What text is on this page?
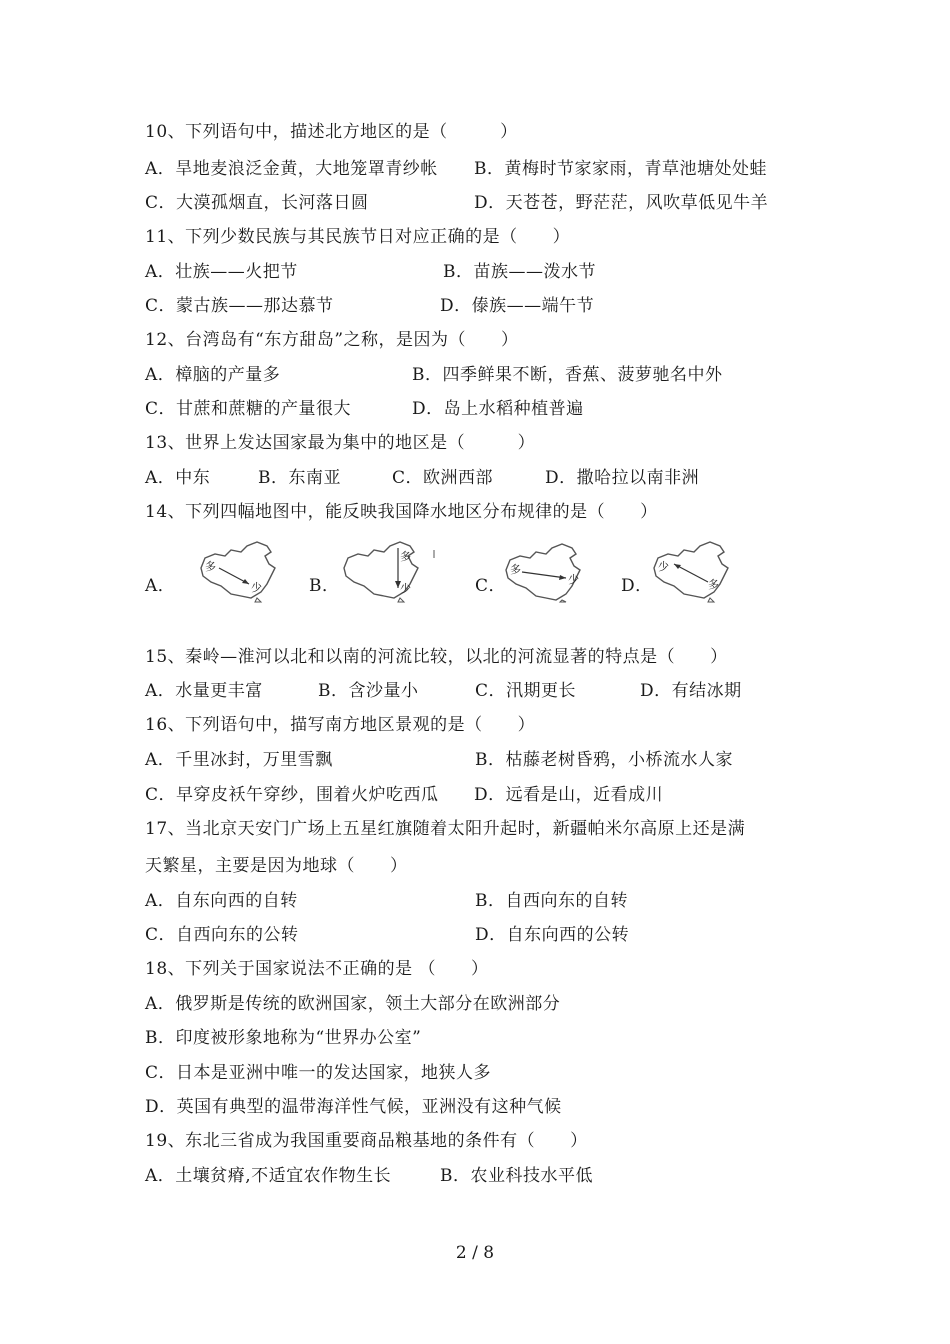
10、下列语句中，描述北方地区的是（　　　）
A．旱地麦浪泛金黄，大地笼罩青纱帐 B．黄梅时节家家雨，青草池塘处处蛙
C．大漠孤烟直，长河落日圆	D．天苍苍，野茫茫，风吹草低见牛羊
11、下列少数民族与其民族节日对应正确的是（　　）
A．壮族——火把节	B．苗族——泼水节
C．蒙古族——那达慕节	D．傣族——端午节
12、台湾岛有“东方甜岛”之称，是因为（　　）
A．樟脑的产量多	B．四季鲜果不断，香蕉、菠萝驰名中外
C．甘蔗和蔗糖的产量很大	D．岛上水稻种植普遍
13、世界上发达国家最为集中的地区是（　　　）
A．中东	B．东南亚	C．欧洲西部	D．撒哈拉以南非洲
14、下列四幅地图中，能反映我国降水地区分布规律的是（　　）
A．
多
少	B．
多
少	C．
多
少 D．
少
多
15、秦岭—淮河以北和以南的河流比较，以北的河流显著的特点是（　　）
A．水量更丰富	B．含沙量小	C．汛期更长	D．有结冰期
16、下列语句中，描写南方地区景观的是（　　）
A．千里冰封，万里雪飘	B．枯藤老树昏鸦，小桥流水人家
C．早穿皮袄午穿纱，围着火炉吃西瓜 D．远看是山，近看成川
17、当北京天安门广场上五星红旗随着太阳升起时，新疆帕米尔高原上还是满
天繁星，主要是因为地球（　　）
A．自东向西的自转	B．自西向东的自转
C．自西向东的公转	D．自东向西的公转
18、下列关于国家说法不正确的是 （　　）
A．俄罗斯是传统的欧洲国家，领土大部分在欧洲部分
B．印度被形象地称为“世界办公室”
C．日本是亚洲中唯一的发达国家，地狭人多
D．英国有典型的温带海洋性气候，亚洲没有这种气候
19、东北三省成为我国重要商品粮基地的条件有（　　）
A．土壤贫瘠,不适宜农作物生长	B．农业科技水平低
2 / 8
